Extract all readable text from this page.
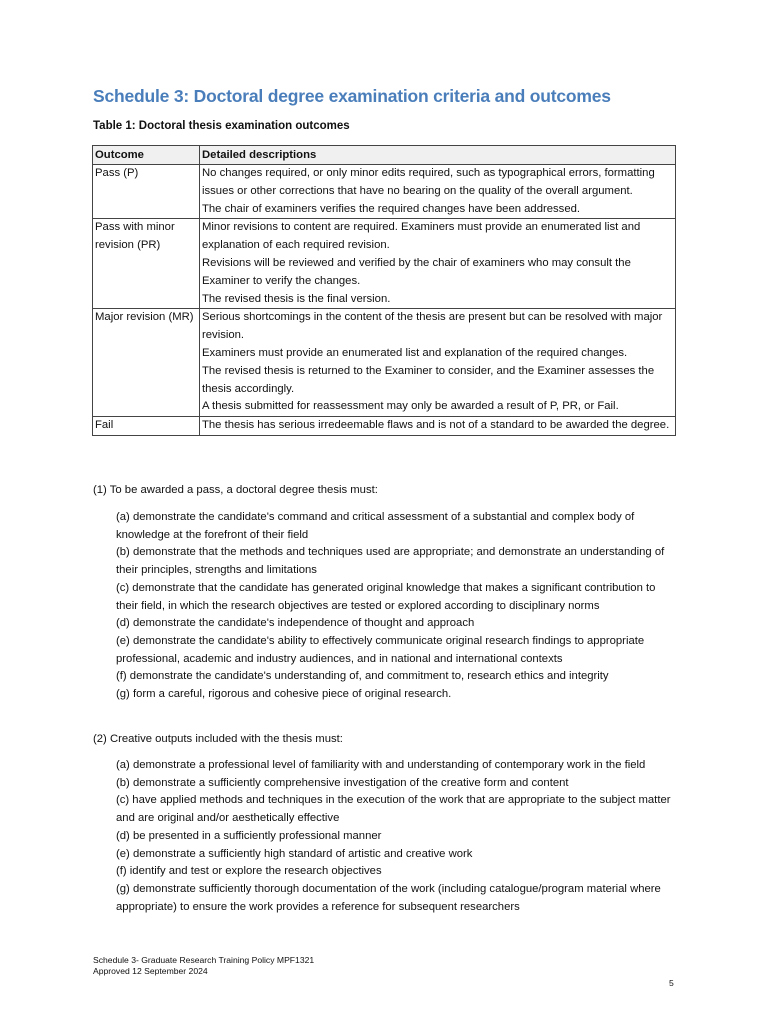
Schedule 3: Doctoral degree examination criteria and outcomes
Table 1: Doctoral thesis examination outcomes
Outcome	Detailed descriptions
Pass (P)	No changes required, or only minor edits required, such as typographical errors, formatting issues or other corrections that have no bearing on the quality of the overall argument.
The chair of examiners verifies the required changes have been addressed.

Pass with minor revision (PR)	Minor revisions to content are required. Examiners must provide an enumerated list and explanation of each required revision.
Revisions will be reviewed and verified by the chair of examiners who may consult the Examiner to verify the changes.
The revised thesis is the final version.

Major revision (MR)	Serious shortcomings in the content of the thesis are present but can be resolved with major revision.
Examiners must provide an enumerated list and explanation of the required changes.
The revised thesis is returned to the Examiner to consider, and the Examiner assesses the thesis accordingly.
A thesis submitted for reassessment may only be awarded a result of P, PR, or Fail.

Fail	The thesis has serious irredeemable flaws and is not of a standard to be awarded the degree.
(1) To be awarded a pass, a doctoral degree thesis must:
(a) demonstrate the candidate's command and critical assessment of a substantial and complex body of knowledge at the forefront of their field
(b) demonstrate that the methods and techniques used are appropriate; and demonstrate an understanding of their principles, strengths and limitations
(c) demonstrate that the candidate has generated original knowledge that makes a significant contribution to their field, in which the research objectives are tested or explored according to disciplinary norms
(d) demonstrate the candidate's independence of thought and approach
(e) demonstrate the candidate's ability to effectively communicate original research findings to appropriate professional, academic and industry audiences, and in national and international contexts
(f) demonstrate the candidate's understanding of, and commitment to, research ethics and integrity
(g) form a careful, rigorous and cohesive piece of original research.
(2) Creative outputs included with the thesis must:
(a) demonstrate a professional level of familiarity with and understanding of contemporary work in the field
(b) demonstrate a sufficiently comprehensive investigation of the creative form and content
(c) have applied methods and techniques in the execution of the work that are appropriate to the subject matter and are original and/or aesthetically effective
(d) be presented in a sufficiently professional manner
(e) demonstrate a sufficiently high standard of artistic and creative work
(f) identify and test or explore the research objectives
(g) demonstrate sufficiently thorough documentation of the work (including catalogue/program material where appropriate) to ensure the work provides a reference for subsequent researchers
Schedule 3- Graduate Research Training Policy MPF1321
Approved 12 September 2024
5
